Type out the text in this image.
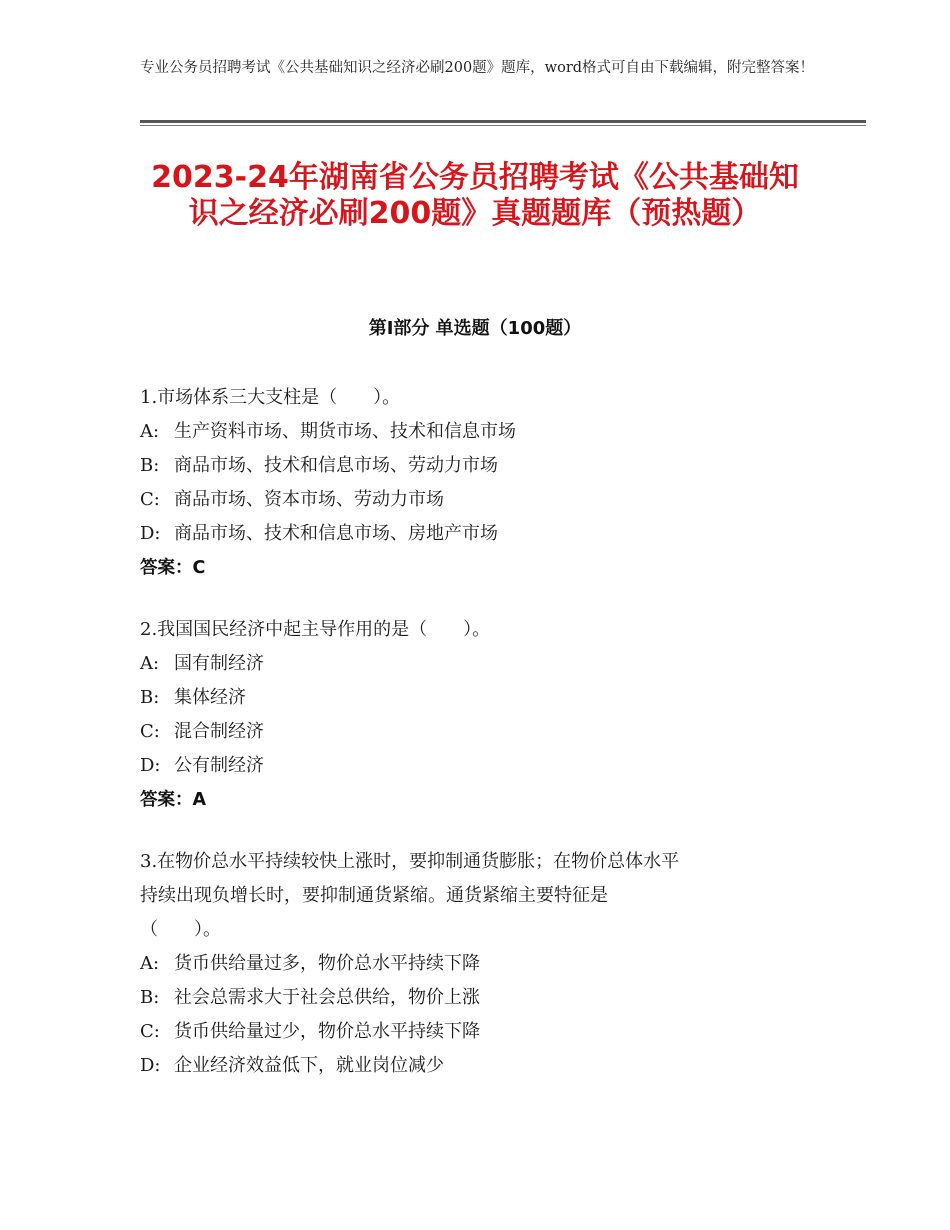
专业公务员招聘考试《公共基础知识之经济必刷200题》题库，word格式可自由下载编辑，附完整答案！
2023-24年湖南省公务员招聘考试《公共基础知识之经济必刷200题》真题题库（预热题）
第Ⅰ部分 单选题（100题）
1.市场体系三大支柱是（　　）。
A: 生产资料市场、期货市场、技术和信息市场
B: 商品市场、技术和信息市场、劳动力市场
C: 商品市场、资本市场、劳动力市场
D: 商品市场、技术和信息市场、房地产市场
答案：C
2.我国国民经济中起主导作用的是（　　）。
A: 国有制经济
B: 集体经济
C: 混合制经济
D: 公有制经济
答案：A
3.在物价总水平持续较快上涨时，要抑制通货膨胀；在物价总体水平
持续出现负增长时，要抑制通货紧缩。通货紧缩主要特征是
（　　）。
A: 货币供给量过多，物价总水平持续下降
B: 社会总需求大于社会总供给，物价上涨
C: 货币供给量过少，物价总水平持续下降
D: 企业经济效益低下，就业岗位减少
